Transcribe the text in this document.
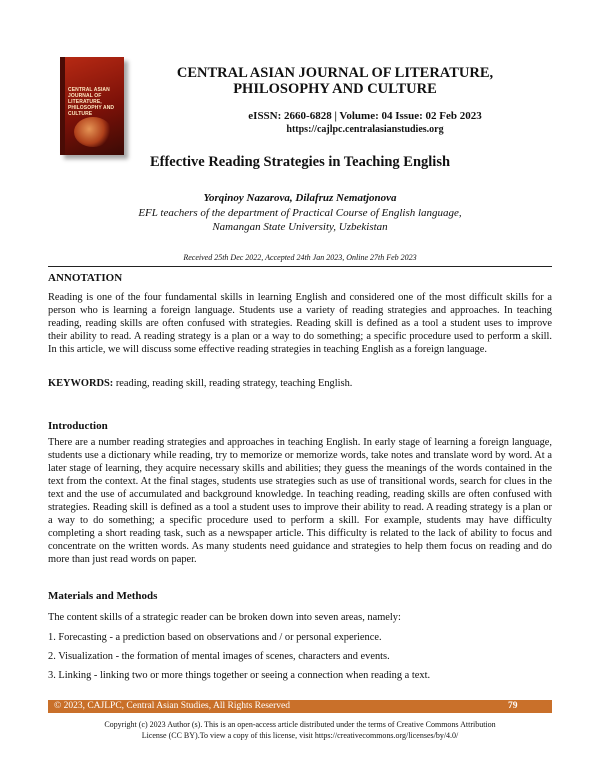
CENTRAL ASIAN
JOURNAL OF
LITERATURE,
PHILOSOPHY AND
CULTURE
CENTRAL ASIAN JOURNAL OF LITERATURE,
PHILOSOPHY AND CULTURE
eISSN: 2660-6828 | Volume: 04 Issue: 02 Feb 2023
https://cajlpc.centralasianstudies.org
Effective Reading Strategies in Teaching English
Yorqinoy Nazarova, Dilafruz Nematjonova
EFL teachers of the department of Practical Course of English language,
Namangan State University, Uzbekistan
Received 25th Dec 2022, Accepted 24th Jan 2023, Online 27th Feb 2023
ANNOTATION

Reading is one of the four fundamental skills in learning English and considered one of the most difficult skills for a person who is learning a foreign language. Students use a variety of reading strategies and approaches. In teaching reading, reading skills are often confused with strategies. Reading skill is defined as a tool a student uses to improve their ability to read. A reading strategy is a plan or a way to do something; a specific procedure used to perform a skill. In this article, we will discuss some effective reading strategies in teaching English as a foreign language.

KEYWORDS: reading, reading skill, reading strategy, teaching English.
Introduction

There are a number reading strategies and approaches in teaching English. In early stage of learning a foreign language, students use a dictionary while reading, try to memorize or memorize words, take notes and translate word by word. At a later stage of learning, they acquire necessary skills and abilities; they guess the meanings of the words contained in the text from the context. At the final stages, students use strategies such as use of transitional words, search for clues in the text and the use of accumulated and background knowledge. In teaching reading, reading skills are often confused with strategies. Reading skill is defined as a tool a student uses to improve their ability to read. A reading strategy is a plan or a way to do something; a specific procedure used to perform a skill. For example, students may have difficulty completing a short reading task, such as a newspaper article. This difficulty is related to the lack of ability to focus and concentrate on the written words. As many students need guidance and strategies to help them focus on reading and do more than just read words on paper.

Materials and Methods
The content skills of a strategic reader can be broken down into seven areas, namely:
1. Forecasting - a prediction based on observations and / or personal experience.
2. Visualization - the formation of mental images of scenes, characters and events.
3. Linking - linking two or more things together or seeing a connection when reading a text.
© 2023, CAJLPC, Central Asian Studies, All Rights Reserved	79
Copyright (c) 2023 Author (s). This is an open-access article distributed under the terms of Creative Commons Attribution
License (CC BY).To view a copy of this license, visit https://creativecommons.org/licenses/by/4.0/
